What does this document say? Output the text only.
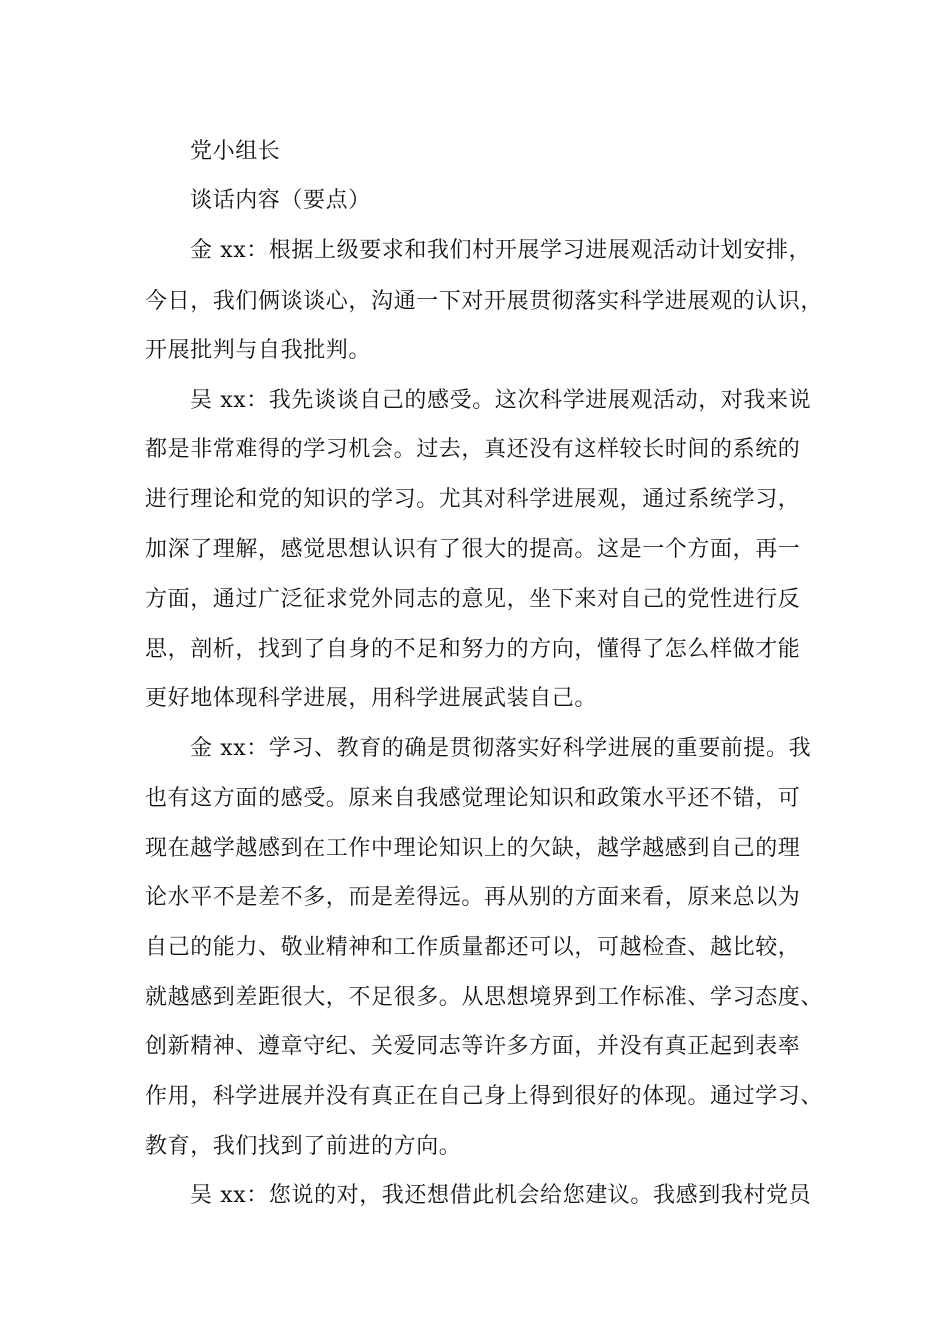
党小组长
谈话内容（要点）
金 xx：根据上级要求和我们村开展学习进展观活动计划安排，
今日，我们俩谈谈心，沟通一下对开展贯彻落实科学进展观的认识，
开展批判与自我批判。
吴 xx：我先谈谈自己的感受。这次科学进展观活动，对我来说
都是非常难得的学习机会。过去，真还没有这样较长时间的系统的
进行理论和党的知识的学习。尤其对科学进展观，通过系统学习，
加深了理解，感觉思想认识有了很大的提高。这是一个方面，再一
方面，通过广泛征求党外同志的意见，坐下来对自己的党性进行反
思，剖析，找到了自身的不足和努力的方向，懂得了怎么样做才能
更好地体现科学进展，用科学进展武装自己。
金 xx：学习、教育的确是贯彻落实好科学进展的重要前提。我
也有这方面的感受。原来自我感觉理论知识和政策水平还不错，可
现在越学越感到在工作中理论知识上的欠缺，越学越感到自己的理
论水平不是差不多，而是差得远。再从别的方面来看，原来总以为
自己的能力、敬业精神和工作质量都还可以，可越检查、越比较，
就越感到差距很大，不足很多。从思想境界到工作标准、学习态度、
创新精神、遵章守纪、关爱同志等许多方面，并没有真正起到表率
作用，科学进展并没有真正在自己身上得到很好的体现。通过学习、
教育，我们找到了前进的方向。
吴 xx：您说的对，我还想借此机会给您建议。我感到我村党员
